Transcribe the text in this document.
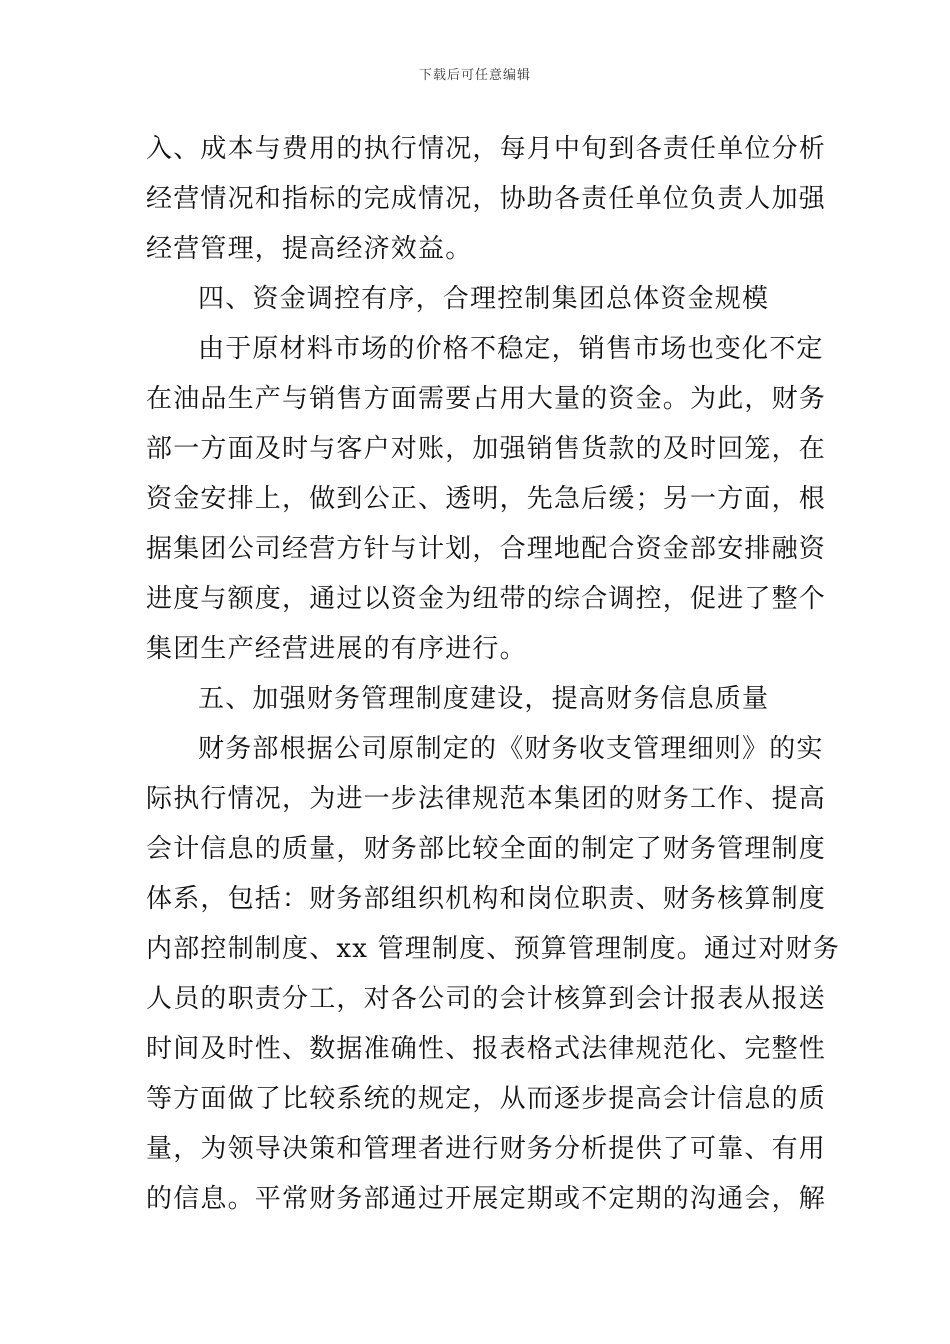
下载后可任意编辑
入、成本与费用的执行情况，每月中旬到各责任单位分析
经营情况和指标的完成情况，协助各责任单位负责人加强
经营管理，提高经济效益。
四、资金调控有序，合理控制集团总体资金规模
由于原材料市场的价格不稳定，销售市场也变化不定
在油品生产与销售方面需要占用大量的资金。为此，财务
部一方面及时与客户对账，加强销售货款的及时回笼，在
资金安排上，做到公正、透明，先急后缓；另一方面，根
据集团公司经营方针与计划，合理地配合资金部安排融资
进度与额度，通过以资金为纽带的综合调控，促进了整个
集团生产经营进展的有序进行。
五、加强财务管理制度建设，提高财务信息质量
财务部根据公司原制定的《财务收支管理细则》的实
际执行情况，为进一步法律规范本集团的财务工作、提高
会计信息的质量，财务部比较全面的制定了财务管理制度
体系，包括：财务部组织机构和岗位职责、财务核算制度
内部控制制度、xx 管理制度、预算管理制度。通过对财务
人员的职责分工，对各公司的会计核算到会计报表从报送
时间及时性、数据准确性、报表格式法律规范化、完整性
等方面做了比较系统的规定，从而逐步提高会计信息的质
量，为领导决策和管理者进行财务分析提供了可靠、有用
的信息。平常财务部通过开展定期或不定期的沟通会，解
